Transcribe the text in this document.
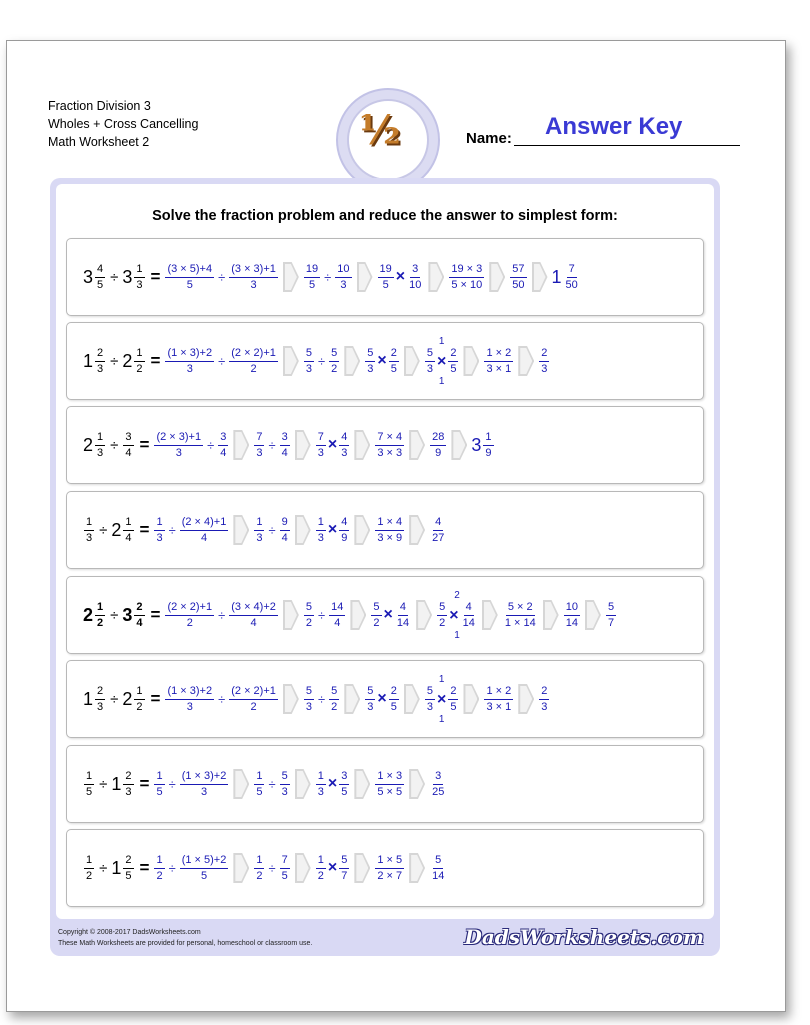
Fraction Division 3
Wholes + Cross Cancelling
Math Worksheet 2	½	Name: Answer Key
Solve the fraction problem and reduce the answer to simplest form:
$3 \frac{4}{5} \div 3 \frac{1}{3} = \frac{(3 \times 5)+4}{5} \div \frac{(3 \times 3)+1}{3} \frac{19}{5} \div \frac{10}{3} \frac{19}{5} \times \frac{3}{10} \frac{19 \times 3}{5 \times 10} \frac{57}{50} 1 \frac{7}{50}$
$1 \frac{2}{3} \div 2 \frac{1}{2} = \frac{(1 \times 3)+2}{3} \div \frac{(2 \times 2)+1}{2} \frac{5}{3} \div \frac{5}{2} \frac{5}{3} \times \frac{2}{5}$
1
$\frac{5}{3} \times \frac{2}{5}$
1
$\frac{1 \times 2}{3 \times 1} \frac{2}{3}$
$2 \frac{1}{3} \div \frac{3}{4} = \frac{(2 \times 3)+1}{3} \div \frac{3}{4} \frac{7}{3} \div \frac{3}{4} \frac{7}{3} \times \frac{4}{3} \frac{7 \times 4}{3 \times 3} \frac{28}{9} 3 \frac{1}{9}$
$\frac{1}{3} \div 2 \frac{1}{4} = \frac{1}{3} \div \frac{(2 \times 4)+1}{4} \frac{1}{3} \div \frac{9}{4} \frac{1}{3} \times \frac{4}{9} \frac{1 \times 4}{3 \times 9} \frac{4}{27}$
$2 \frac{1}{2} \div 3 \frac{2}{4} = \frac{(2 \times 2)+1}{2} \div \frac{(3 \times 4)+2}{4} \frac{5}{2} \div \frac{14}{4} \frac{5}{2} \times \frac{4}{14}$
2
$\frac{5}{2} \times \frac{4}{14}$
1
$\frac{5 \times 2}{1 \times 14} \frac{10}{14} \frac{5}{7}$
$1 \frac{2}{3} \div 2 \frac{1}{2} = \frac{(1 \times 3)+2}{3} \div \frac{(2 \times 2)+1}{2} \frac{5}{3} \div \frac{5}{2} \frac{5}{3} \times \frac{2}{5}$
1
$\frac{5}{3} \times \frac{2}{5}$
1
$\frac{1 \times 2}{3 \times 1} \frac{2}{3}$
$\frac{1}{5} \div 1 \frac{2}{3} = \frac{1}{5} \div \frac{(1 \times 3)+2}{3} \frac{1}{5} \div \frac{5}{3} \frac{1}{3} \times \frac{3}{5} \frac{1 \times 3}{5 \times 5} \frac{3}{25}$
$\frac{1}{2} \div 1 \frac{2}{5} = \frac{1}{2} \div \frac{(1 \times 5)+2}{5} \frac{1}{2} \div \frac{7}{5} \frac{1}{2} \times \frac{5}{7} \frac{1 \times 5}{2 \times 7} \frac{5}{14}$
Copyright © 2008-2017 DadsWorksheets.com
These Math Worksheets are provided for personal, homeschool or classroom use.	DadsWorksheets.com
